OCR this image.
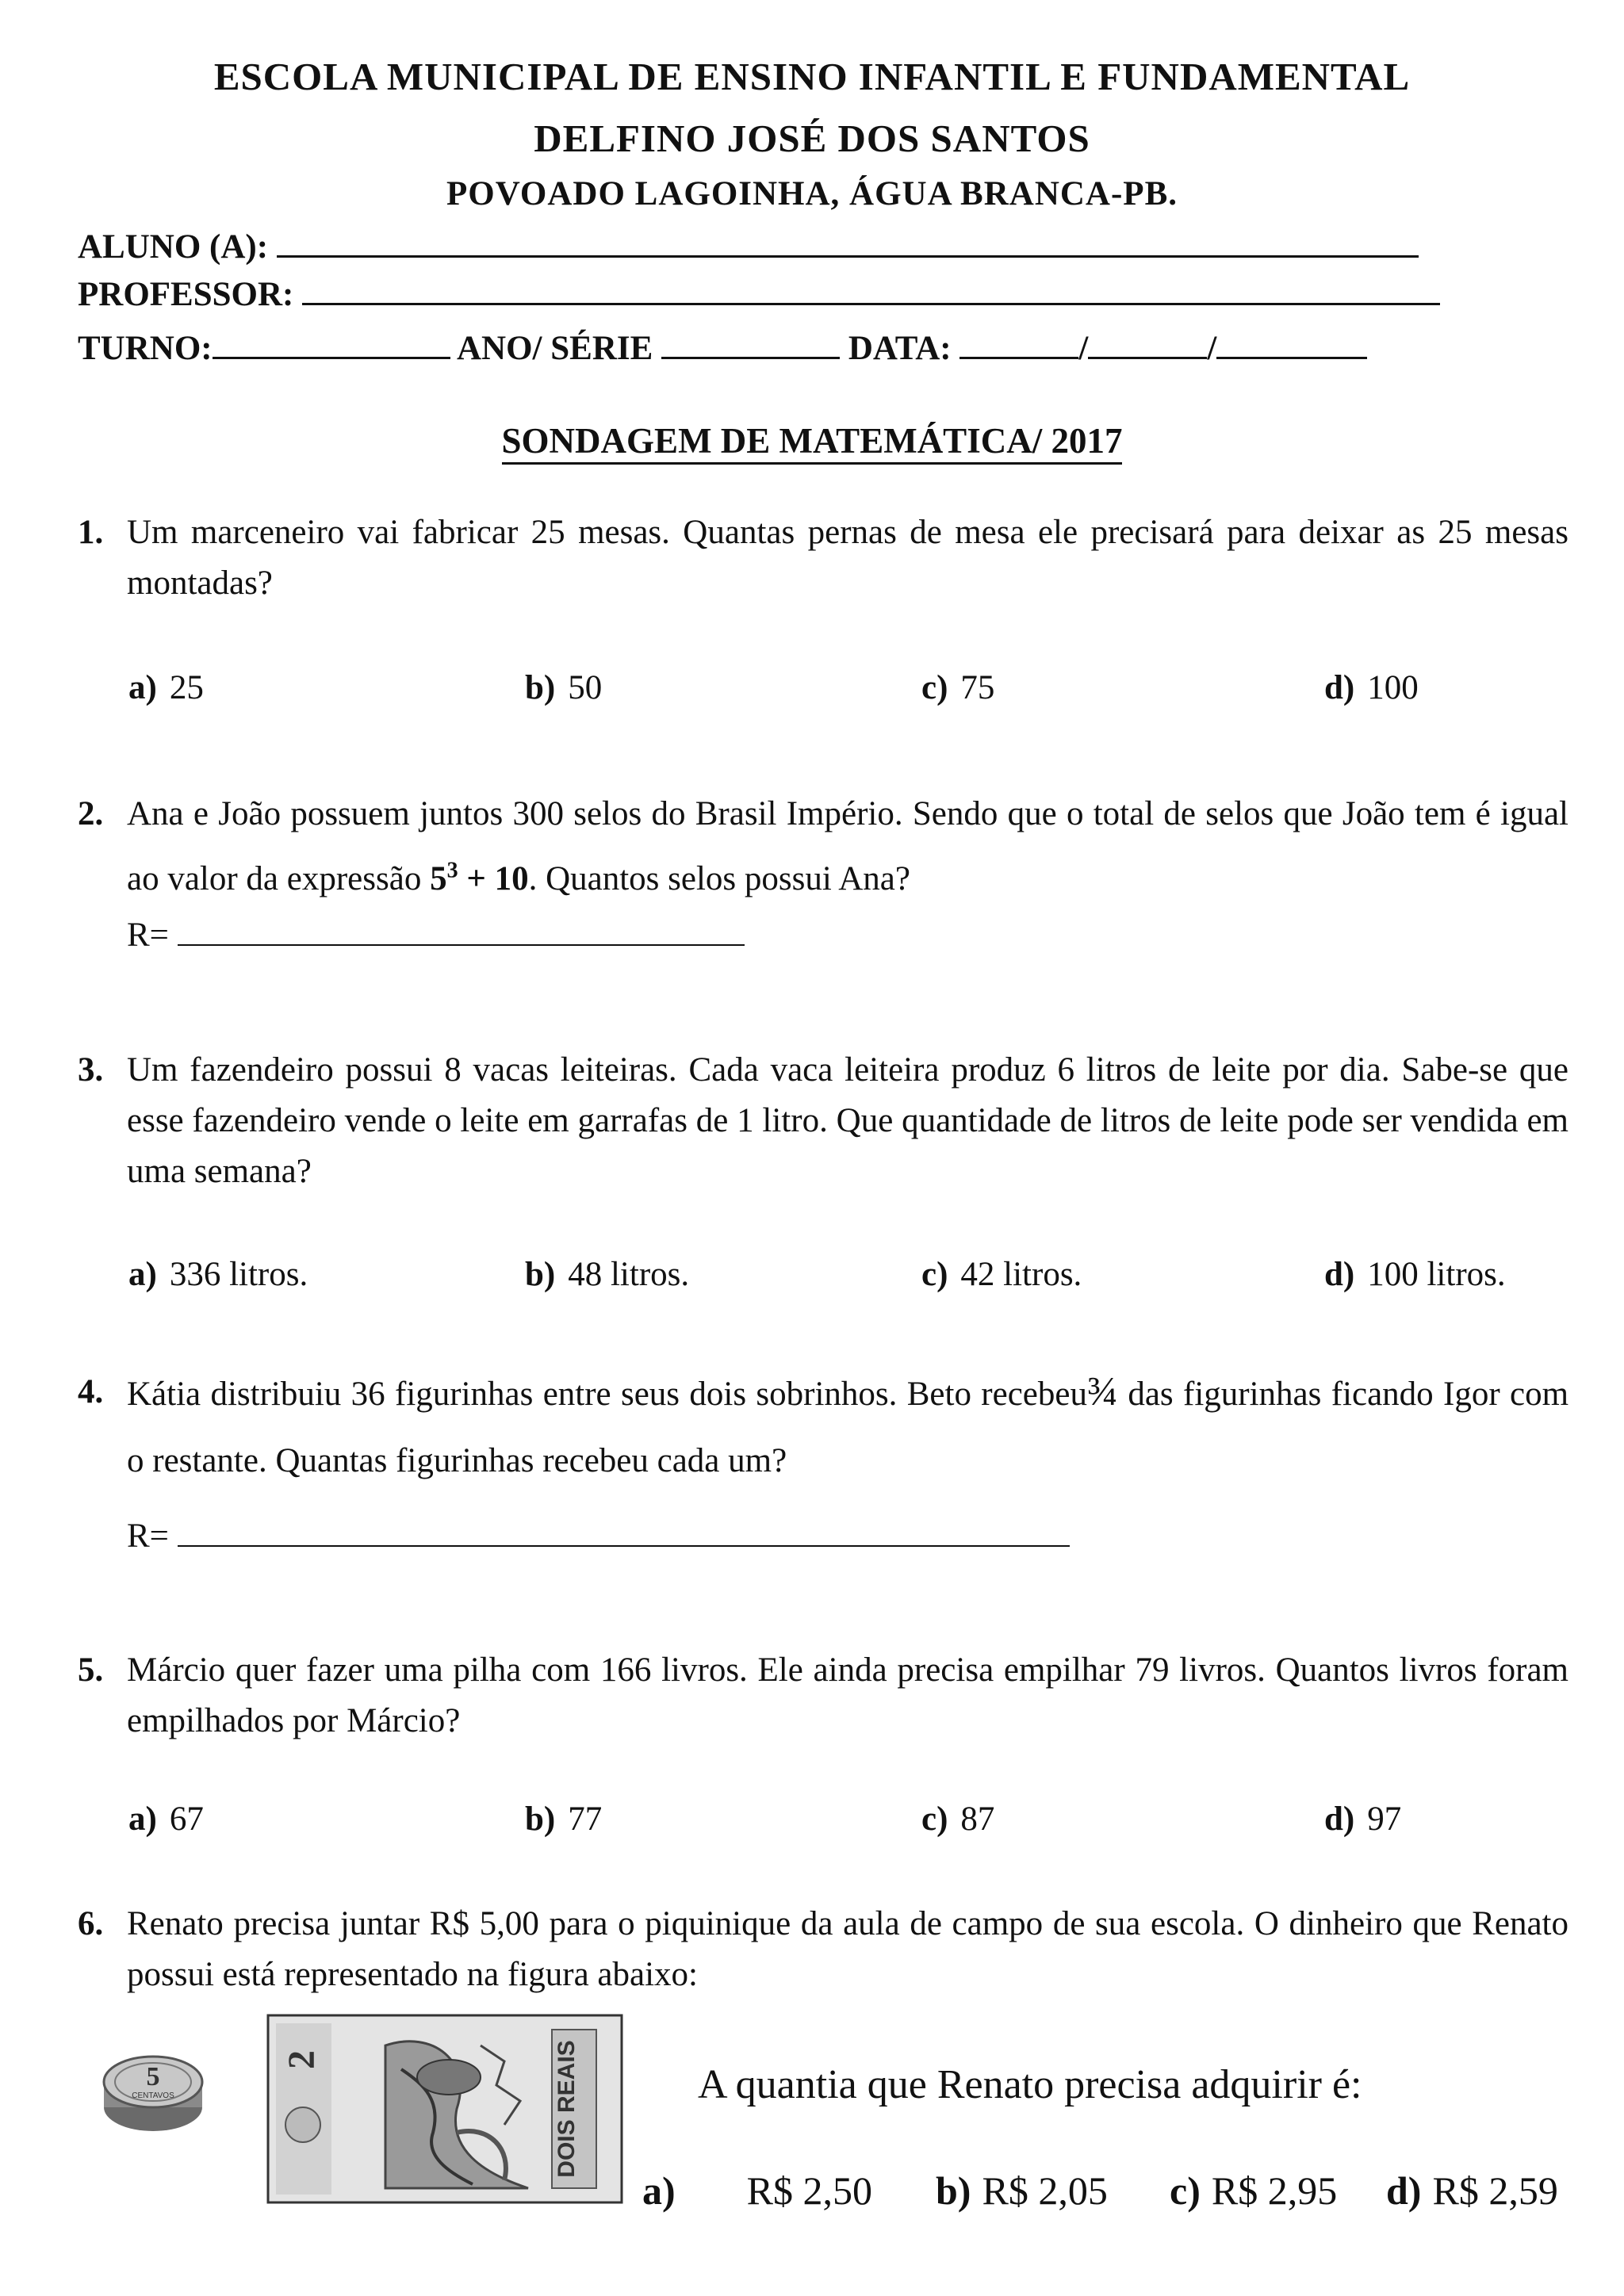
ESCOLA MUNICIPAL DE ENSINO INFANTIL E FUNDAMENTAL
DELFINO JOSÉ DOS SANTOS
POVOADO LAGOINHA, ÁGUA BRANCA-PB.
ALUNO (A):
PROFESSOR:
TURNO:	ANO/ SÉRIE	DATA:	/	/
SONDAGEM DE MATEMÁTICA/ 2017
1. Um marceneiro vai fabricar 25 mesas. Quantas pernas de mesa ele precisará para deixar as 25 mesas montadas?
a) 25	b) 50	c) 75	d) 100
2. Ana e João possuem juntos 300 selos do Brasil Império. Sendo que o total de selos que João tem é igual ao valor da expressão $5^3 + 10$. Quantos selos possui Ana?
R=
3. Um fazendeiro possui 8 vacas leiteiras. Cada vaca leiteira produz 6 litros de leite por dia. Sabe-se que esse fazendeiro vende o leite em garrafas de 1 litro. Que quantidade de litros de leite pode ser vendida em uma semana?
a) 336 litros.	b) 48 litros.	c) 42 litros.	d) 100 litros.
4. Kátia distribuiu 36 figurinhas entre seus dois sobrinhos. Beto recebeu¾ das figurinhas ficando Igor com o restante. Quantas figurinhas recebeu cada um?
R=
5. Márcio quer fazer uma pilha com 166 livros. Ele ainda precisa empilhar 79 livros. Quantos livros foram empilhados por Márcio?
a) 67	b) 77	c) 87	d) 97
6. Renato precisa juntar R$ 5,00 para o piquinique da aula de campo de sua escola. O dinheiro que Renato possui está representado na figura abaixo:
5
CENTAVOS
2	DOIS REAIS	A quantia que Renato precisa adquirir é:
a) R$ 2,50 b) R$ 2,05 c) R$ 2,95 d) R$ 2,59
